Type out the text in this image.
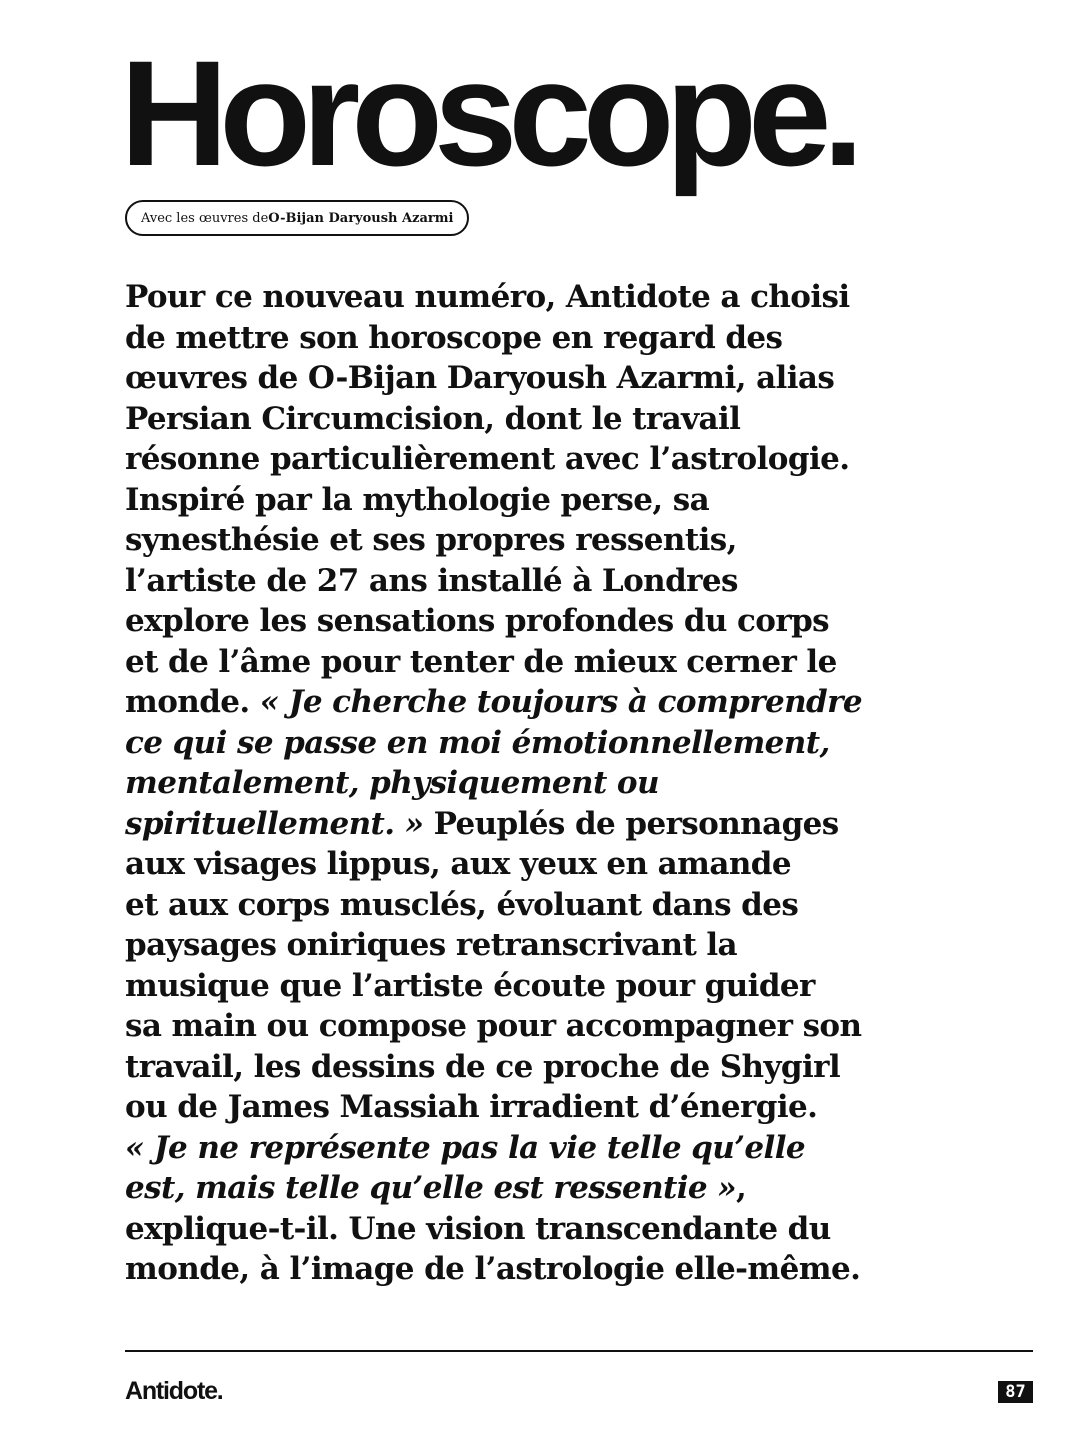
Horoscope.
Avec les œuvres de O-Bijan Daryoush Azarmi
Pour ce nouveau numéro, Antidote a choisi
de mettre son horoscope en regard des
œuvres de O-Bijan Daryoush Azarmi, alias
Persian Circumcision, dont le travail
résonne particulièrement avec l’astrologie.
Inspiré par la mythologie perse, sa
synesthésie et ses propres ressentis,
l’artiste de 27 ans installé à Londres
explore les sensations profondes du corps
et de l’âme pour tenter de mieux cerner le
monde. « Je cherche toujours à comprendre
ce qui se passe en moi émotionnellement,
mentalement, physiquement ou
spirituellement. » Peuplés de personnages
aux visages lippus, aux yeux en amande
et aux corps musclés, évoluant dans des
paysages oniriques retranscrivant la
musique que l’artiste écoute pour guider
sa main ou compose pour accompagner son
travail, les dessins de ce proche de Shygirl
ou de James Massiah irradient d’énergie.
« Je ne représente pas la vie telle qu’elle
est, mais telle qu’elle est ressentie »,
explique-t-il. Une vision transcendante du
monde, à l’image de l’astrologie elle-même.
Antidote.	87
